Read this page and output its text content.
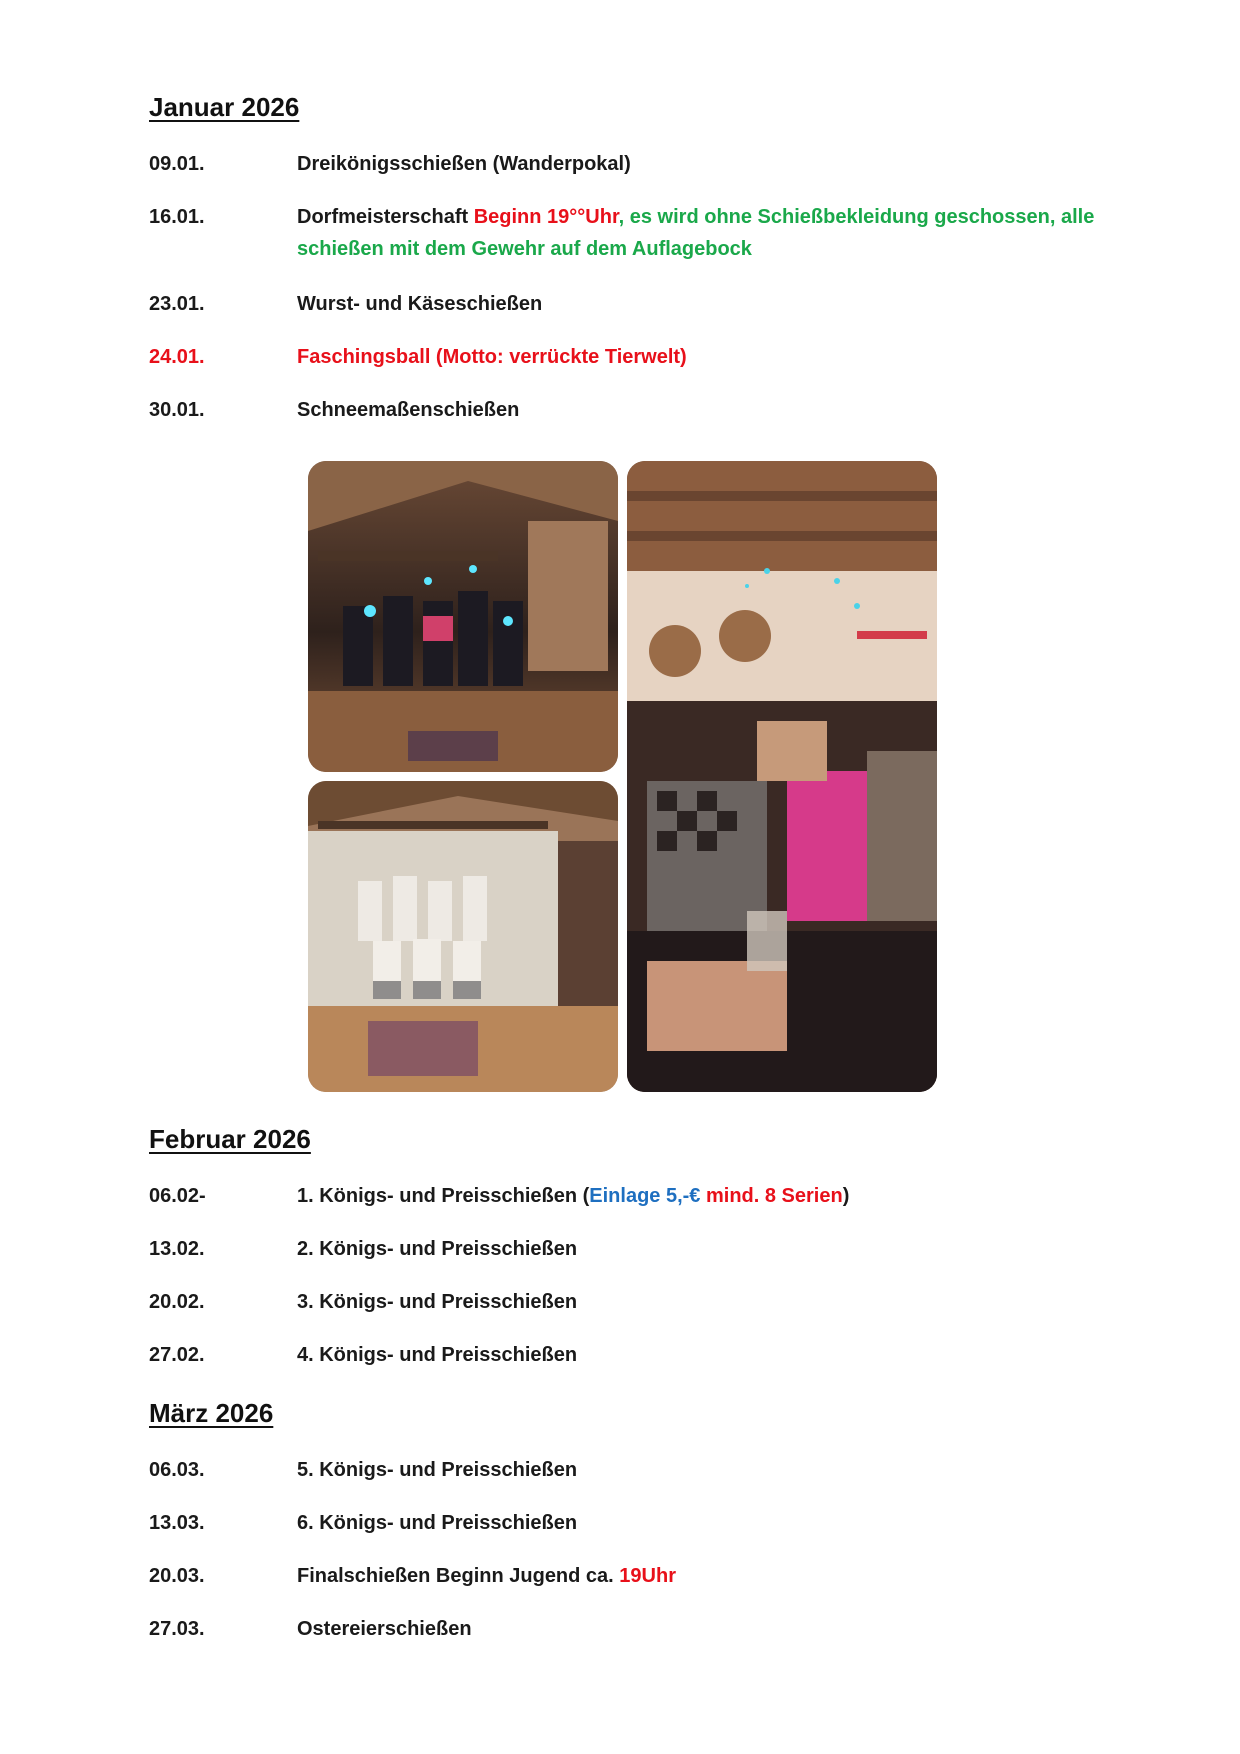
Januar 2026
09.01.	Dreikönigsschießen (Wanderpokal)
16.01.	Dorfmeisterschaft Beginn 19°°Uhr, es wird ohne Schießbekleidung geschossen, alle schießen mit dem Gewehr auf dem Auflagebock
23.01.	Wurst- und Käseschießen
24.01.	Faschingsball (Motto: verrückte Tierwelt)
30.01.	Schneemaßenschießen
Februar 2026
06.02-	1. Königs- und Preisschießen (Einlage 5,-€ mind. 8 Serien)
13.02.	2. Königs- und Preisschießen
20.02.	3. Königs- und Preisschießen
27.02.	4. Königs- und Preisschießen
März 2026
06.03.	5. Königs- und Preisschießen
13.03.	6. Königs- und Preisschießen
20.03.	Finalschießen Beginn Jugend ca. 19Uhr
27.03.	Ostereierschießen
